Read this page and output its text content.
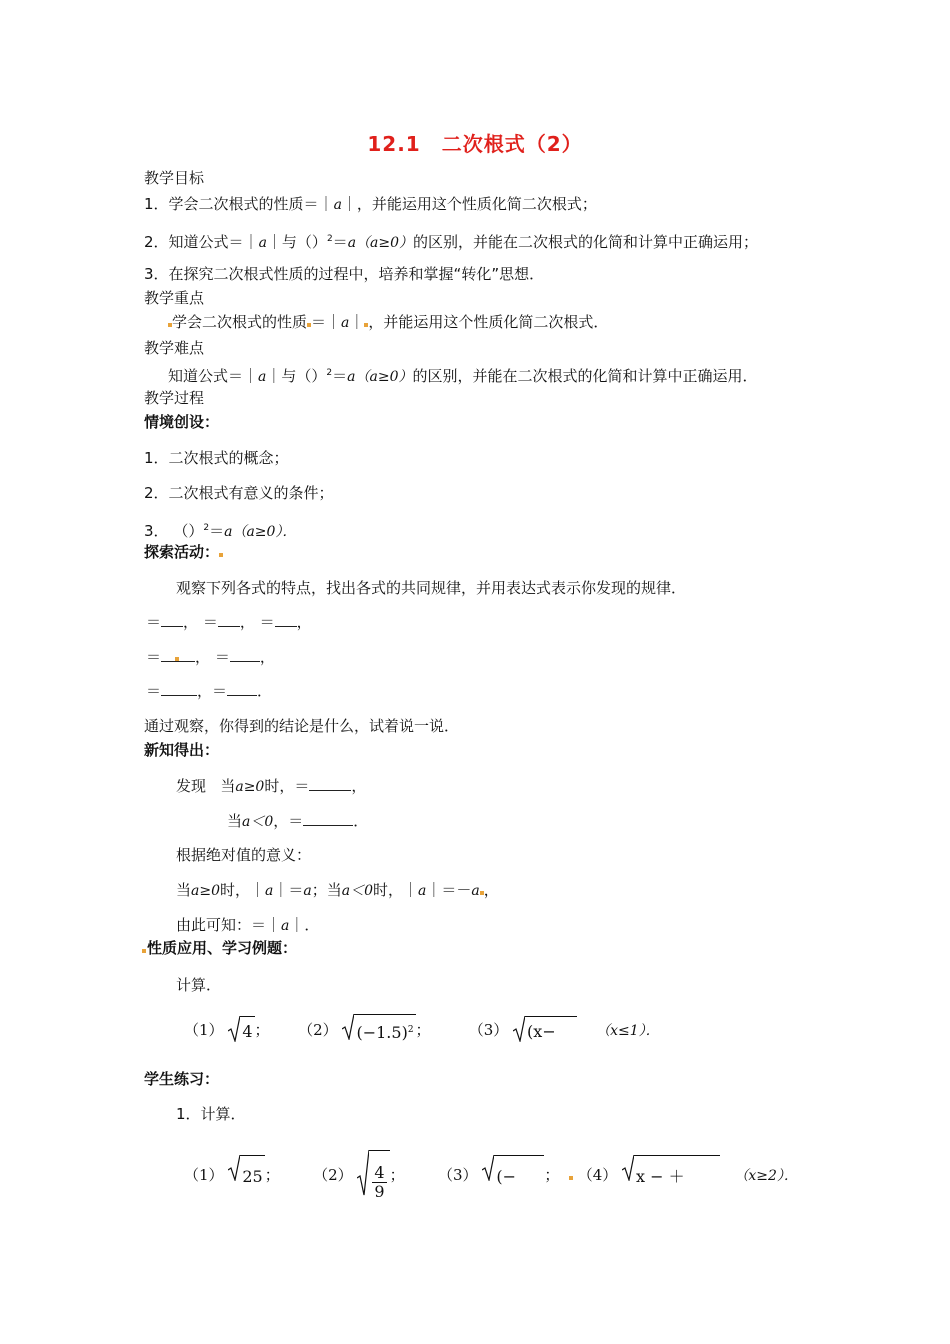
12.1　二次根式（2）
教学目标
1．学会二次根式的性质＝｜a｜，并能运用这个性质化简二次根式；
2．知道公式＝｜a｜与（）$^2$＝a（a≥0）的区别，并能在二次根式的化简和计算中正确运用；
3．在探究二次根式性质的过程中，培养和掌握“转化”思想．
教学重点
学会二次根式的性质 ＝｜a｜ ，并能运用这个性质化简二次根式．
教学难点
知道公式＝｜a｜与（）$^2$＝a（a≥0）的区别，并能在二次根式的化简和计算中正确运用．
教学过程
情境创设：
1．二次根式的概念；
2．二次根式有意义的条件；
3． （）$^2$＝a（a≥0）．
探索活动：
观察下列各式的特点，找出各式的共同规律，并用表达式表示你发现的规律．
＝ ， ＝ ， ＝ ，
＝ ， ＝ ，
＝ ，＝ ．
通过观察，你得到的结论是什么，试着说一说．
新知得出：
发现 当a≥0时，＝	，
当a＜0，＝	．
根据绝对值的意义：
当a≥0时，｜a｜＝a；当a＜0时，｜a｜＝－a ，
由此可知：＝｜a｜．
性质应用、学习例题：
计算．
（1） 4 ； （2） $(-1.5)^2$ ；	（3） (x−	（x≤1）．
学生练习：
1．计算．
（1） 25 ； $(2) \frac{4}{9}$ ； （3） (−	； （4） x − ＋	（x≥2）．
